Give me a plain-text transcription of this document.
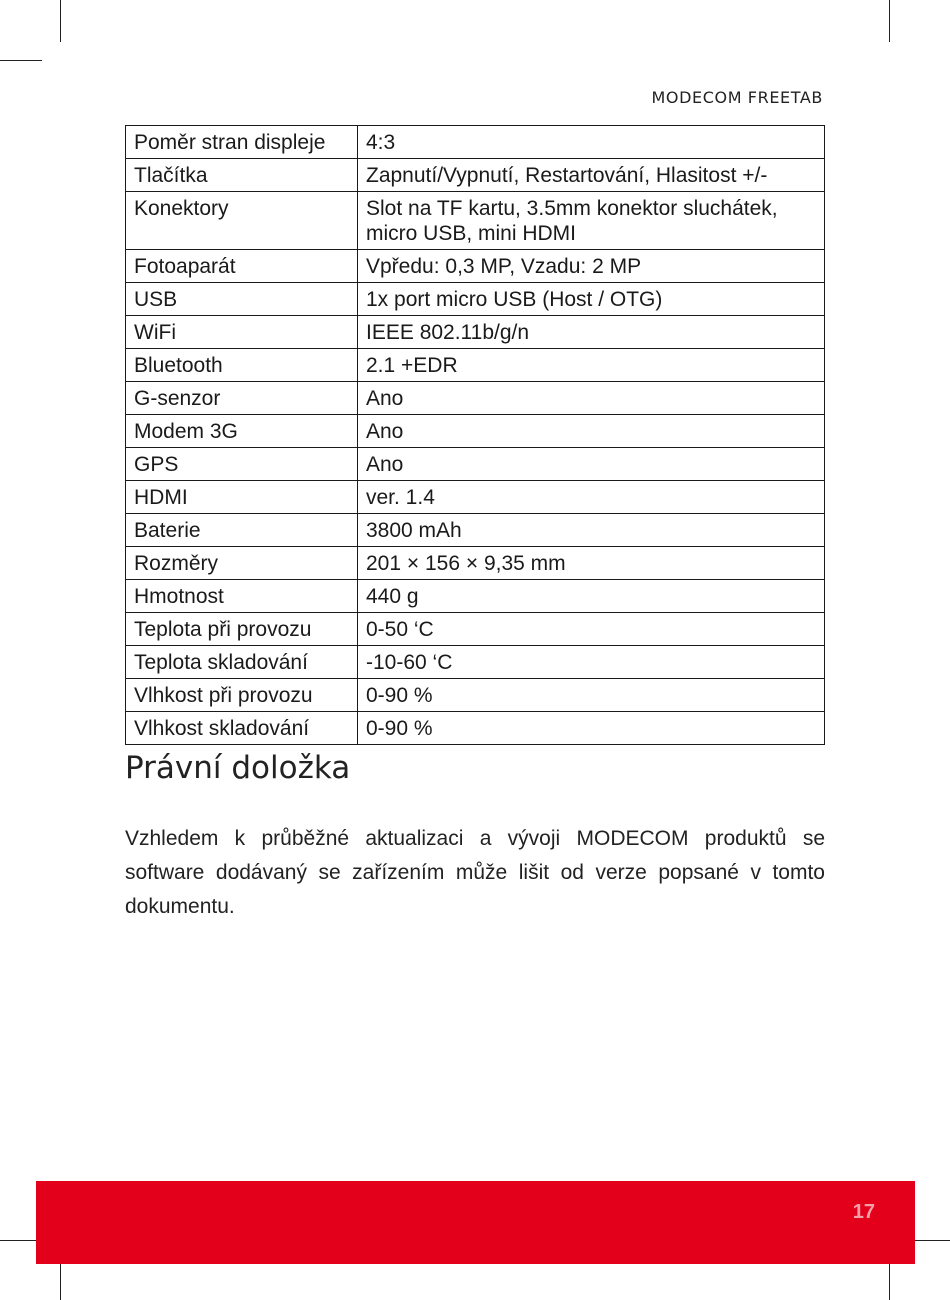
MODECOM FREETAB
Poměr stran displeje	4:3
Tlačítka	Zapnutí/Vypnutí, Restartování, Hlasitost +/-
Konektory	Slot na TF kartu, 3.5mm konektor sluchátek, micro USB, mini HDMI
Fotoaparát	Vpředu: 0,3 MP, Vzadu: 2 MP
USB	1x port micro USB (Host / OTG)
WiFi	IEEE 802.11b/g/n
Bluetooth	2.1 +EDR
G-senzor	Ano
Modem 3G	Ano
GPS	Ano
HDMI	ver. 1.4
Baterie	3800 mAh
Rozměry	201 × 156 × 9,35 mm
Hmotnost	440 g
Teplota při provozu	0-50 ‘C
Teplota skladování	-10-60 ‘C
Vlhkost při provozu	0-90 %
Vlhkost skladování	0-90 %
Právní doložka
Vzhledem k průběžné aktualizaci a vývoji MODECOM produktů se software dodávaný se zařízením může lišit od verze popsané v tomto dokumentu.
17
